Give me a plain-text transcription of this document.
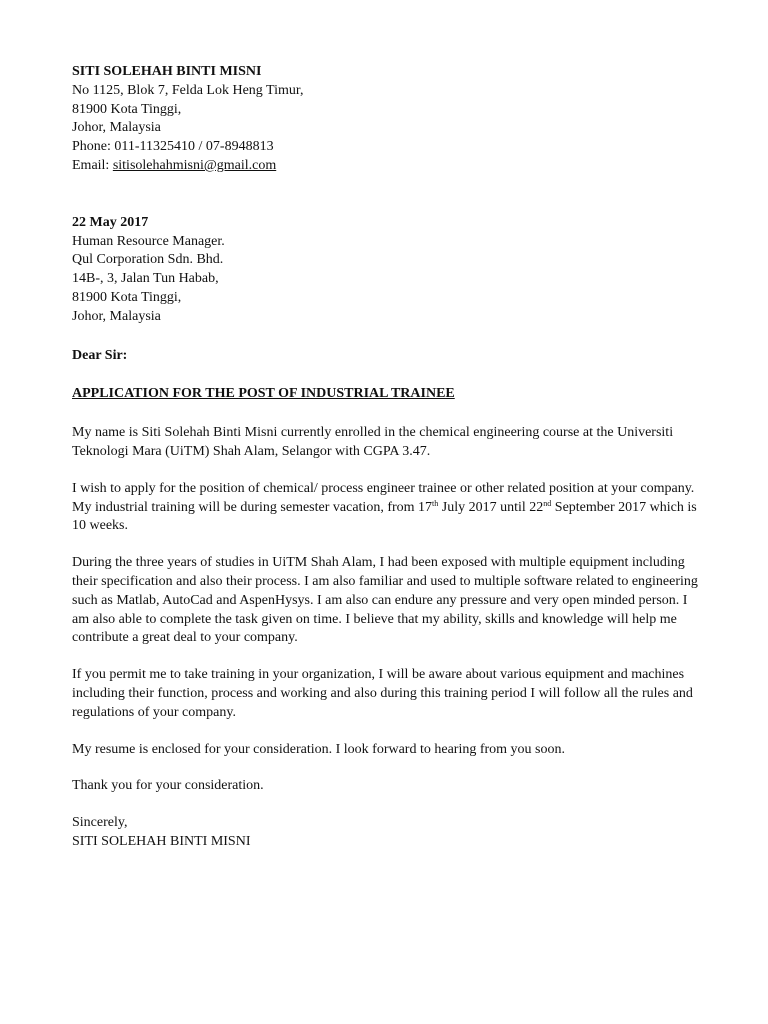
SITI SOLEHAH BINTI MISNI
No 1125, Blok 7, Felda Lok Heng Timur,
81900 Kota Tinggi,
Johor, Malaysia
Phone: 011-11325410 / 07-8948813
Email: sitisolehahmisni@gmail.com
22 May 2017
Human Resource Manager.
Qul Corporation Sdn. Bhd.
14B-, 3, Jalan Tun Habab,
81900 Kota Tinggi,
Johor, Malaysia
Dear Sir:
APPLICATION FOR THE POST OF INDUSTRIAL TRAINEE
My name is Siti Solehah Binti Misni currently enrolled in the chemical engineering course at the Universiti
Teknologi Mara (UiTM) Shah Alam, Selangor with CGPA 3.47.
I wish to apply for the position of chemical/ process engineer trainee or other related position at your company.
My industrial training will be during semester vacation, from 17th July 2017 until 22nd September 2017 which is
10 weeks.
During the three years of studies in UiTM Shah Alam, I had been exposed with multiple equipment including
their specification and also their process. I am also familiar and used to multiple software related to engineering
such as Matlab, AutoCad and AspenHysys. I am also can endure any pressure and very open minded person. I
am also able to complete the task given on time. I believe that my ability, skills and knowledge will help me
contribute a great deal to your company.
If you permit me to take training in your organization, I will be aware about various equipment and machines
including their function, process and working and also during this training period I will follow all the rules and
regulations of your company.
My resume is enclosed for your consideration. I look forward to hearing from you soon.
Thank you for your consideration.
Sincerely,
SITI SOLEHAH BINTI MISNI
